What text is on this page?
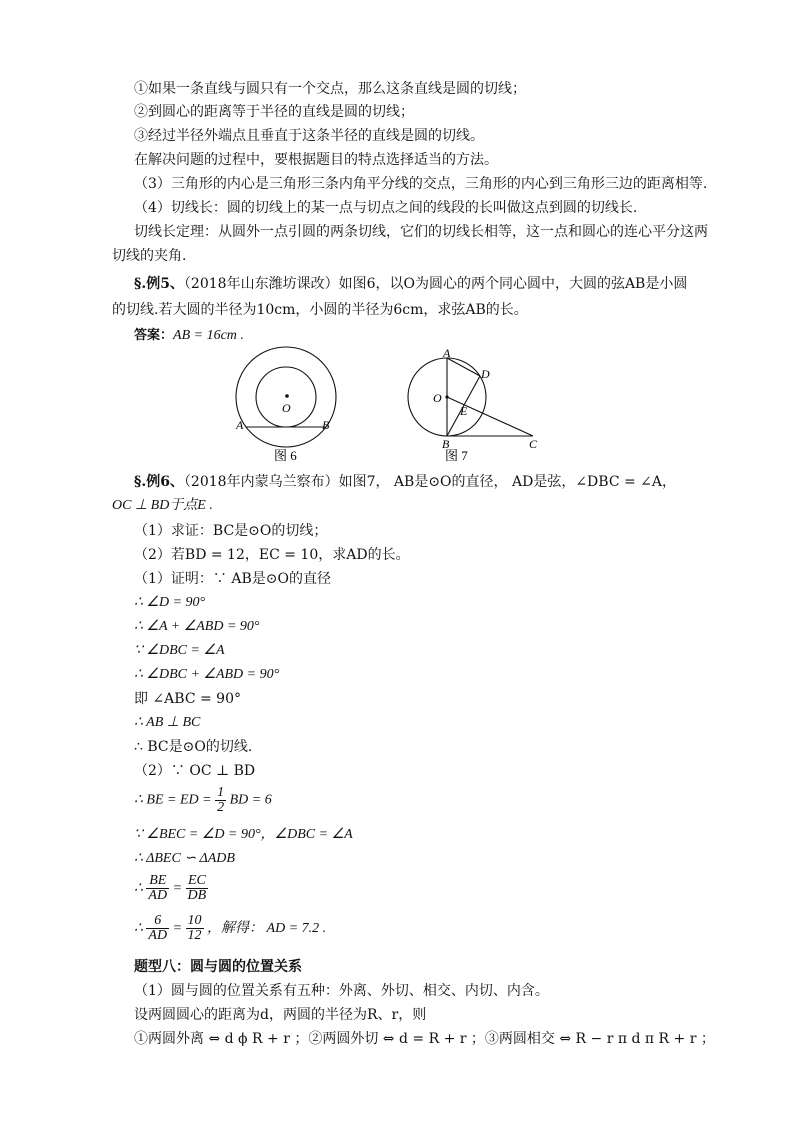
①如果一条直线与圆只有一个交点，那么这条直线是圆的切线；
②到圆心的距离等于半径的直线是圆的切线；
③经过半径外端点且垂直于这条半径的直线是圆的切线。
在解决问题的过程中，要根据题目的特点选择适当的方法。
（3）三角形的内心是三角形三条内角平分线的交点，三角形的内心到三角形三边的距离相等.
（4）切线长：圆的切线上的某一点与切点之间的线段的长叫做这点到圆的切线长.
切线长定理：从圆外一点引圆的两条切线，它们的切线长相等，这一点和圆心的连心平分这两
切线的夹角.
§.例5、（2018年山东潍坊课改）如图6，以O为圆心的两个同心圆中，大圆的弦AB是小圆
的切线.若大圆的半径为10cm，小圆的半径为6cm，求弦AB的长。
答案：AB = 16cm .
O
A	B
图 6
A
D
O
E
B	C
图 7
§.例6、（2018年内蒙乌兰察布）如图7， AB是⊙O的直径， AD是弦，∠DBC = ∠A，
OC ⊥ BD于点E .
（1）求证：BC是⊙O的切线；
（2）若BD = 12，EC = 10，求AD的长。
（1）证明：∵ AB是⊙O的直径
∴ ∠D = 90°
∴ ∠A + ∠ABD = 90°
∵ ∠DBC = ∠A
∴ ∠DBC + ∠ABD = 90°
即 ∠ABC = 90°
∴ AB ⊥ BC
∴ BC是⊙O的切线.
（2）∵ OC ⊥ BD
∴ BE = ED = $\frac{1}{2}$ BD = 6
∵ ∠BEC = ∠D = 90°，∠DBC = ∠A
∴ ΔBEC ∽ ΔADB
∴ $\frac{BE}{AD} = \frac{EC}{DB}$
∴ $\frac{6}{AD} = \frac{10}{12}$ ，解得： AD = 7.2 .
题型八：圆与圆的位置关系
（1）圆与圆的位置关系有五种：外离、外切、相交、内切、内含。
设两圆圆心的距离为d，两圆的半径为R、r，则
①两圆外离 ⇔ d ϕ R + r ；②两圆外切 ⇔ d = R + r ；③两圆相交 ⇔ R − r π d π R + r ；
